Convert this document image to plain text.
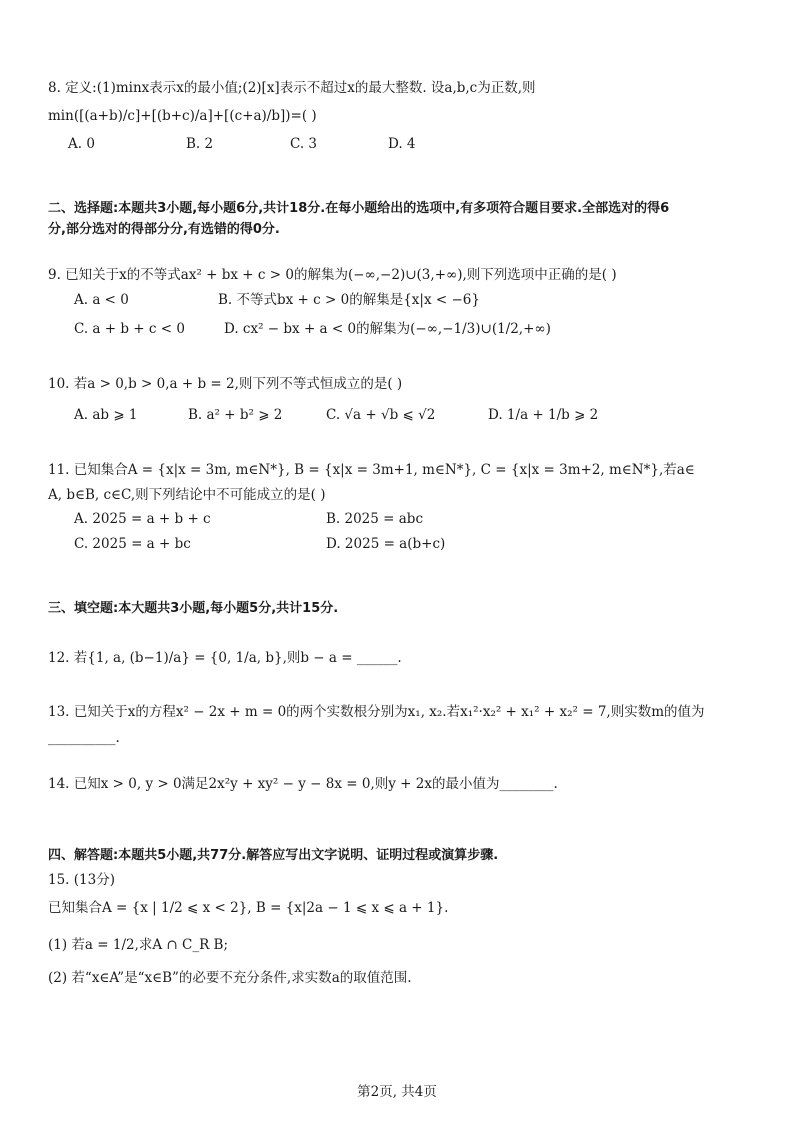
8. 定义:(1)minx表示x的最小值;(2)[x]表示不超过x的最大整数. 设a,b,c为正数,则
min([(a+b)/c]+[(b+c)/a]+[(c+a)/b])=( )
A. 0	B. 2	C. 3	D. 4
二、选择题:本题共3小题,每小题6分,共计18分.在每小题给出的选项中,有多项符合题目要求.全部选对的得6
分,部分选对的得部分分,有选错的得0分.
9. 已知关于x的不等式ax² + bx + c > 0的解集为(−∞,−2)∪(3,+∞),则下列选项中正确的是( )
A. a < 0	B. 不等式bx + c > 0的解集是{x|x < −6}
C. a + b + c < 0	D. cx² − bx + a < 0的解集为(−∞,−1/3)∪(1/2,+∞)
10. 若a > 0,b > 0,a + b = 2,则下列不等式恒成立的是( )
A. ab ⩾ 1	B. a² + b² ⩾ 2	C. √a + √b ⩽ √2	D. 1/a + 1/b ⩾ 2
11. 已知集合A = {x|x = 3m, m∈N*}, B = {x|x = 3m+1, m∈N*}, C = {x|x = 3m+2, m∈N*},若a∈
A, b∈B, c∈C,则下列结论中不可能成立的是( )
A. 2025 = a + b + c	B. 2025 = abc
C. 2025 = a + bc	D. 2025 = a(b+c)
三、填空题:本大题共3小题,每小题5分,共计15分.
12. 若{1, a, (b−1)/a} = {0, 1/a, b},则b − a = ______.
13. 已知关于x的方程x² − 2x + m = 0的两个实数根分别为x₁, x₂.若x₁²·x₂² + x₁² + x₂² = 7,则实数m的值为
__________.
14. 已知x > 0, y > 0满足2x²y + xy² − y − 8x = 0,则y + 2x的最小值为________.
四、解答题:本题共5小题,共77分.解答应写出文字说明、证明过程或演算步骤.
15. (13分)
已知集合A = {x | 1/2 ⩽ x < 2}, B = {x|2a − 1 ⩽ x ⩽ a + 1}.
(1) 若a = 1/2,求A ∩ C_R B;
(2) 若“x∈A”是“x∈B”的必要不充分条件,求实数a的取值范围.
第2页, 共4页
